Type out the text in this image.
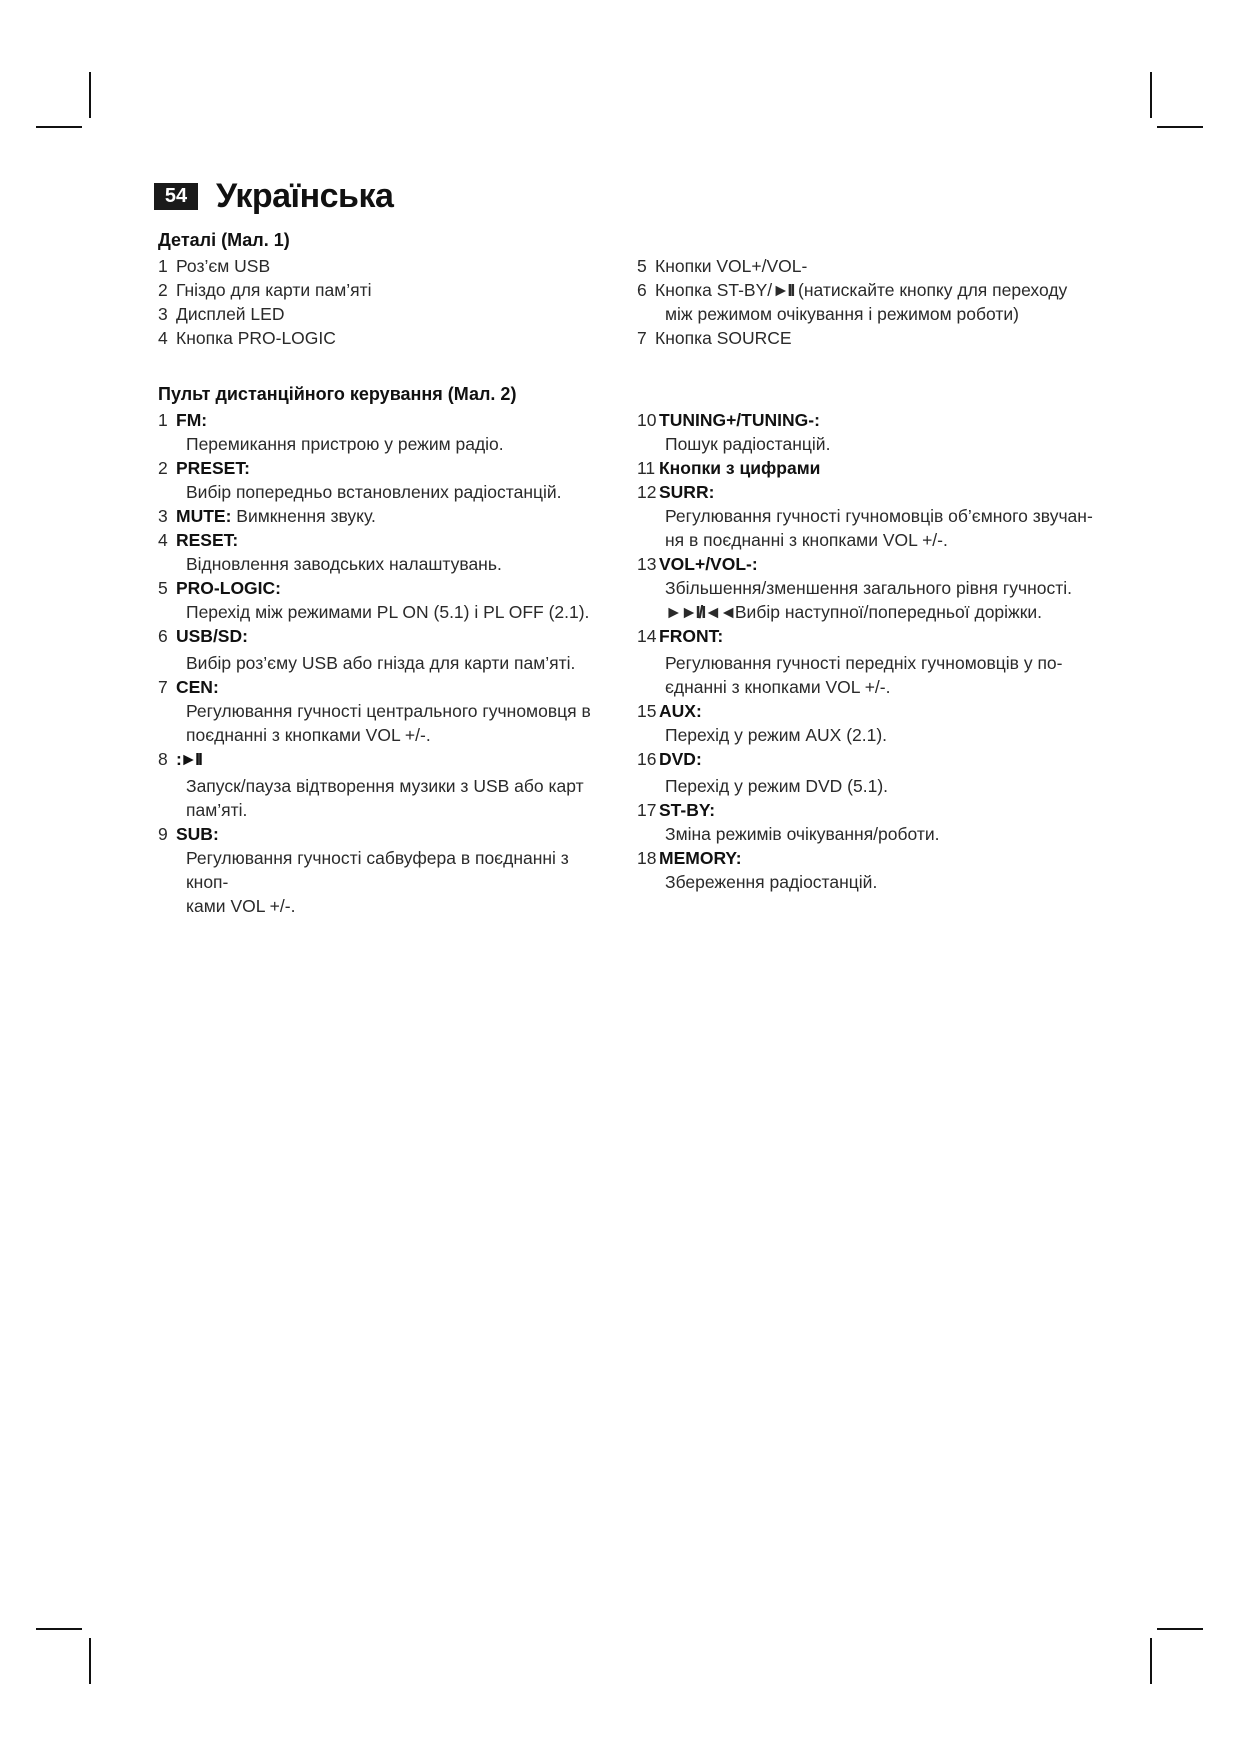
54 Українська
Деталі (Мал. 1)
1 Роз’єм USB
2 Гніздо для карти пам’яті
3 Дисплей LED
4 Кнопка PRO-LOGIC
5 Кнопки VOL+/VOL-
6 Кнопка ST-BY/►II (натискайте кнопку для переходу
між режимом очікування і режимом роботи)
7 Кнопка SOURCE
Пульт дистанційного керування (Мал. 2)
1 FM:
Перемикання пристрою у режим радіо.
2 PRESET:
Вибір попередньо встановлених радіостанцій.
3 MUTE:
Вимкнення звуку.
4 RESET:
Відновлення заводських налаштувань.
5 PRO-LOGIC:
Перехід між режимами PL ON (5.1) і PL OFF (2.1).
6 USB/SD:
Вибір роз’єму USB або гнізда для карти пам’яті.
7 CEN:
Регулювання гучності центрального гучномовця в
поєднанні з кнопками VOL +/-.
8 :►II
Запуск/пауза відтворення музики з USB або карт
пам’яті.
9 SUB:
Регулювання гучності сабвуфера в поєднанні з кноп-
ками VOL +/-.
10 TUNING+/TUNING-:
Пошук радіостанцій.
11 Кнопки з цифрами
12 SURR:
Регулювання гучності гучномовців об’ємного звучан-
ня в поєднанні з кнопками VOL +/-.
13 VOL+/VOL-:
Збільшення/зменшення загального рівня гучності.
►►I/I◄◄Вибір наступної/попередньої доріжки.
14 FRONT:
Регулювання гучності передніх гучномовців у по-
єднанні з кнопками VOL +/-.
15 AUX:
Перехід у режим AUX (2.1).
16 DVD:
Перехід у режим DVD (5.1).
17 ST-BY:
Зміна режимів очікування/роботи.
18 MEMORY:
Збереження радіостанцій.
